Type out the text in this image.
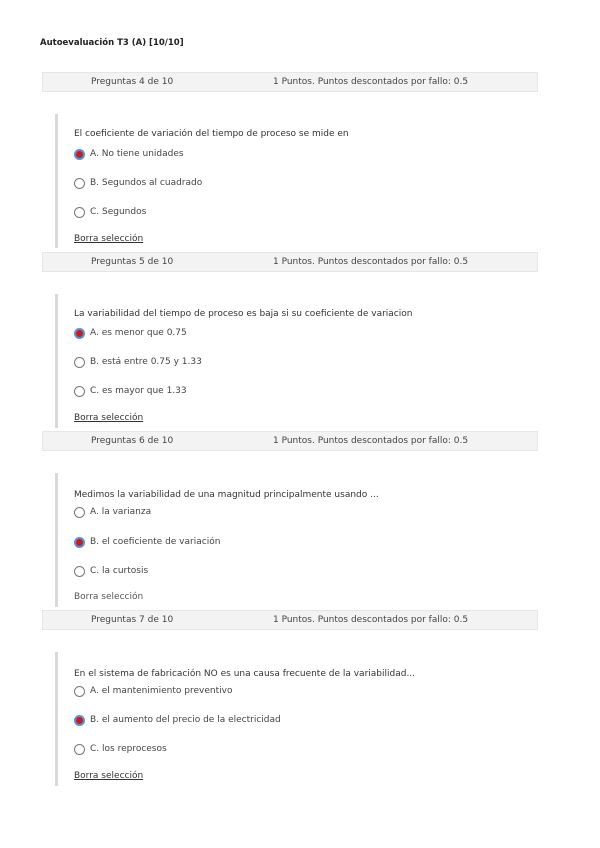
Autoevaluación T3 (A) [10/10]
Preguntas 4 de 10	1 Puntos. Puntos descontados por fallo: 0.5
El coeficiente de variación del tiempo de proceso se mide en
A. No tiene unidades
B. Segundos al cuadrado
C. Segundos
Borra selección
Preguntas 5 de 10	1 Puntos. Puntos descontados por fallo: 0.5
La variabilidad del tiempo de proceso es baja si su coeficiente de variacion
A. es menor que 0.75
B. está entre 0.75 y 1.33
C. es mayor que 1.33
Borra selección
Preguntas 6 de 10	1 Puntos. Puntos descontados por fallo: 0.5
Medimos la variabilidad de una magnitud principalmente usando ...
A. la varianza
B. el coeficiente de variación
C. la curtosis
Borra selección
Preguntas 7 de 10	1 Puntos. Puntos descontados por fallo: 0.5
En el sistema de fabricación NO es una causa frecuente de la variabilidad...
A. el mantenimiento preventivo
B. el aumento del precio de la electricidad
C. los reprocesos
Borra selección
